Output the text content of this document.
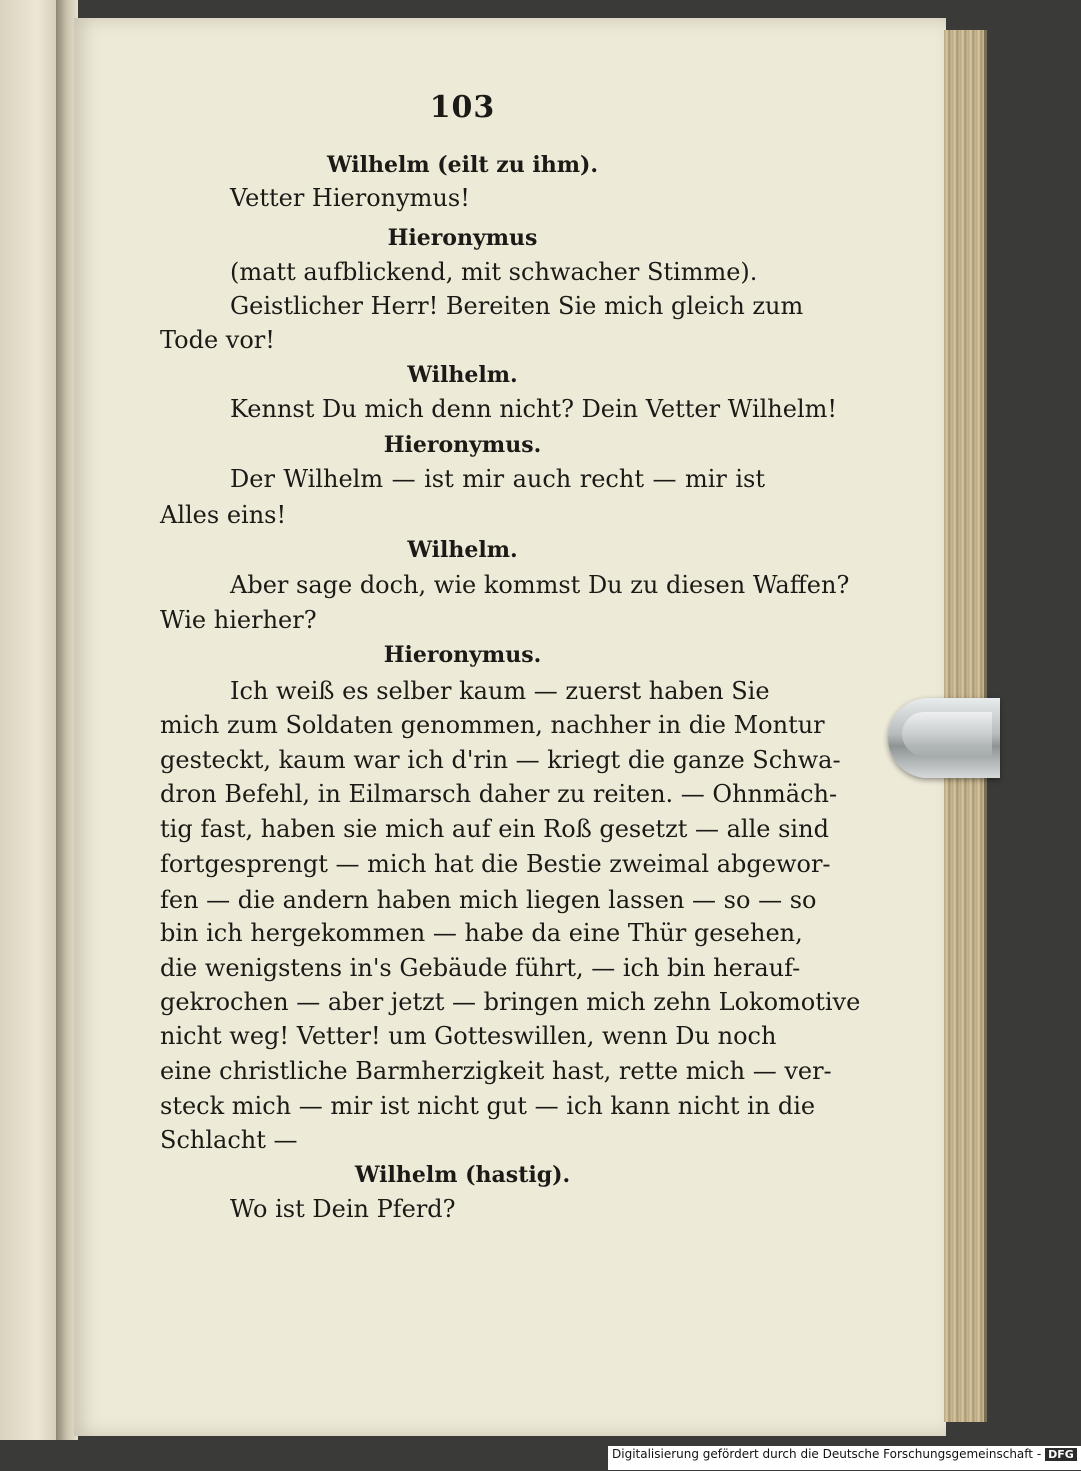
103
Wilhelm (eilt zu ihm).
Vetter Hieronymus!
Hieronymus
(matt aufblickend, mit schwacher Stimme).
Geistlicher Herr! Bereiten Sie mich gleich zum
Tode vor!
Wilhelm.
Kennst Du mich denn nicht? Dein Vetter Wilhelm!
Hieronymus.
Der Wilhelm — ist mir auch recht — mir ist
Alles eins!
Wilhelm.
Aber sage doch, wie kommst Du zu diesen Waffen?
Wie hierher?
Hieronymus.
Ich weiß es selber kaum — zuerst haben Sie
mich zum Soldaten genommen, nachher in die Montur
gesteckt, kaum war ich d'rin — kriegt die ganze Schwa-
dron Befehl, in Eilmarsch daher zu reiten. — Ohnmäch-
tig fast, haben sie mich auf ein Roß gesetzt — alle sind
fortgesprengt — mich hat die Bestie zweimal abgewor-
fen — die andern haben mich liegen lassen — so — so
bin ich hergekommen — habe da eine Thür gesehen,
die wenigstens in's Gebäude führt, — ich bin herauf-
gekrochen — aber jetzt — bringen mich zehn Lokomotive
nicht weg! Vetter! um Gotteswillen, wenn Du noch
eine christliche Barmherzigkeit hast, rette mich — ver-
steck mich — mir ist nicht gut — ich kann nicht in die
Schlacht —
Wilhelm (hastig).
Wo ist Dein Pferd?
Digitalisierung gefördert durch die Deutsche Forschungsgemeinschaft - DFG
